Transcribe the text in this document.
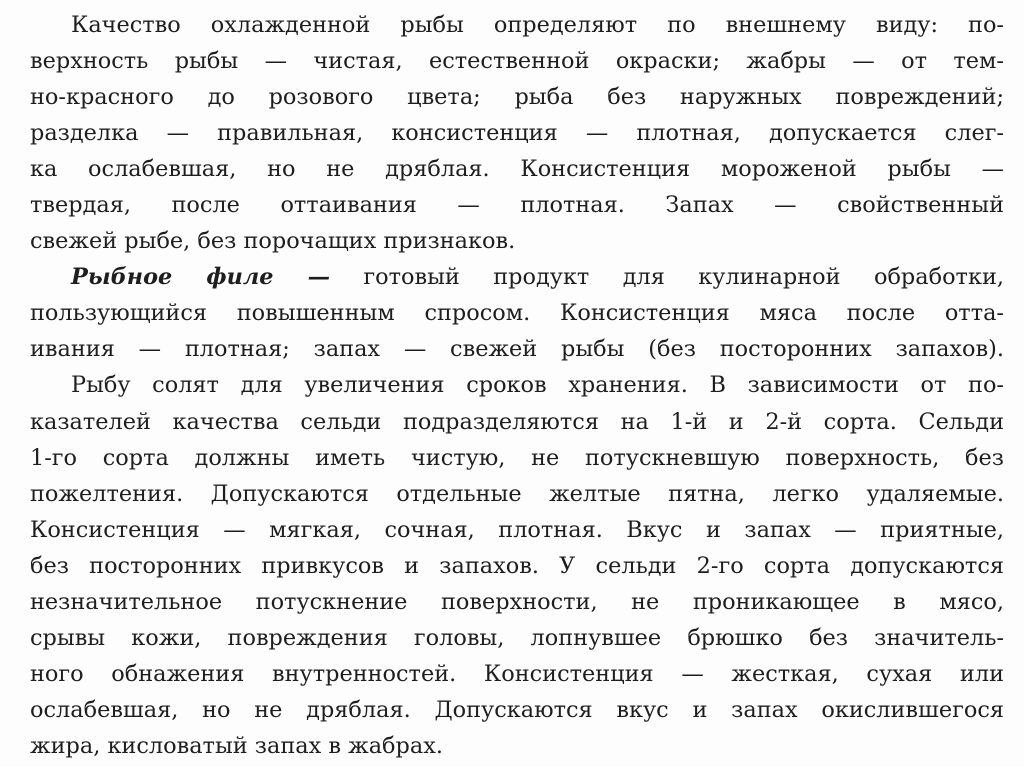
Качество охлажденной рыбы определяют по внешнему виду: по-
верхность рыбы — чистая, естественной окраски; жабры — от тем-
но-красного до розового цвета; рыба без наружных повреждений;
разделка — правильная, консистенция — плотная, допускается слег-
ка ослабевшая, но не дряблая. Консистенция мороженой рыбы —
твердая, после оттаивания — плотная. Запах — свойственный
свежей рыбе, без порочащих признаков.
Рыбное филе — готовый продукт для кулинарной обработки,
пользующийся повышенным спросом. Консистенция мяса после отта-
ивания — плотная; запах — свежей рыбы (без посторонних запахов).
Рыбу солят для увеличения сроков хранения. В зависимости от по-
казателей качества сельди подразделяются на 1-й и 2-й сорта. Сельди
1-го сорта должны иметь чистую, не потускневшую поверхность, без
пожелтения. Допускаются отдельные желтые пятна, легко удаляемые.
Консистенция — мягкая, сочная, плотная. Вкус и запах — приятные,
без посторонних привкусов и запахов. У сельди 2-го сорта допускаются
незначительное потускнение поверхности, не проникающее в мясо,
срывы кожи, повреждения головы, лопнувшее брюшко без значитель-
ного обнажения внутренностей. Консистенция — жесткая, сухая или
ослабевшая, но не дряблая. Допускаются вкус и запах окислившегося
жира, кисловатый запах в жабрах.
